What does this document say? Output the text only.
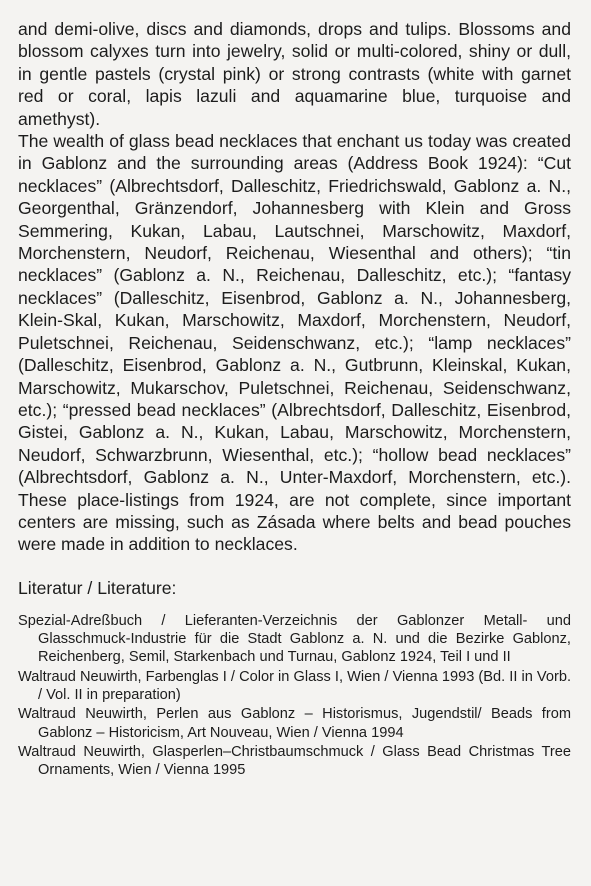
and demi-olive, discs and diamonds, drops and tulips. Blossoms and blossom calyxes turn into jewelry, solid or multi-colored, shiny or dull, in gentle pastels (crystal pink) or strong contrasts (white with garnet red or coral, lapis lazuli and aquamarine blue, turquoise and amethyst).

The wealth of glass bead necklaces that enchant us today was created in Gablonz and the surrounding areas (Address Book 1924): “Cut necklaces” (Albrechtsdorf, Dalleschitz, Friedrichswald, Gablonz a. N., Georgenthal, Gränzendorf, Johannesberg with Klein and Gross Semmering, Kukan, Labau, Lautschnei, Marschowitz, Maxdorf, Morchenstern, Neudorf, Reichenau, Wiesenthal and others); “tin necklaces” (Gablonz a. N., Reichenau, Dalleschitz, etc.); “fantasy necklaces” (Dalleschitz, Eisenbrod, Gablonz a. N., Johannesberg, Klein-Skal, Kukan, Marschowitz, Maxdorf, Morchenstern, Neudorf, Puletschnei, Reichenau, Seidenschwanz, etc.); “lamp necklaces” (Dalleschitz, Eisenbrod, Gablonz a. N., Gutbrunn, Kleinskal, Kukan, Marschowitz, Mukarschov, Puletschnei, Reichenau, Seidenschwanz, etc.); “pressed bead necklaces” (Albrechtsdorf, Dalleschitz, Eisenbrod, Gistei, Gablonz a. N., Kukan, Labau, Marschowitz, Morchenstern, Neudorf, Schwarzbrunn, Wiesenthal, etc.); “hollow bead necklaces” (Albrechtsdorf, Gablonz a. N., Unter-Maxdorf, Morchenstern, etc.). These place-listings from 1924, are not complete, since important centers are missing, such as Zásada where belts and bead pouches were made in addition to necklaces.

Literatur / Literature:
Spezial-Adreßbuch / Lieferanten-Verzeichnis der Gablonzer Metall- und Glasschmuck-Industrie für die Stadt Gablonz a. N. und die Bezirke Gablonz, Reichenberg, Semil, Starkenbach und Turnau, Gablonz 1924, Teil I und II
Waltraud Neuwirth, Farbenglas I / Color in Glass I, Wien / Vienna 1993 (Bd. II in Vorb. / Vol. II in preparation)
Waltraud Neuwirth, Perlen aus Gablonz – Historismus, Jugendstil/ Beads from Gablonz – Historicism, Art Nouveau, Wien / Vienna 1994
Waltraud Neuwirth, Glasperlen–Christbaumschmuck / Glass Bead Christmas Tree Ornaments, Wien / Vienna 1995
